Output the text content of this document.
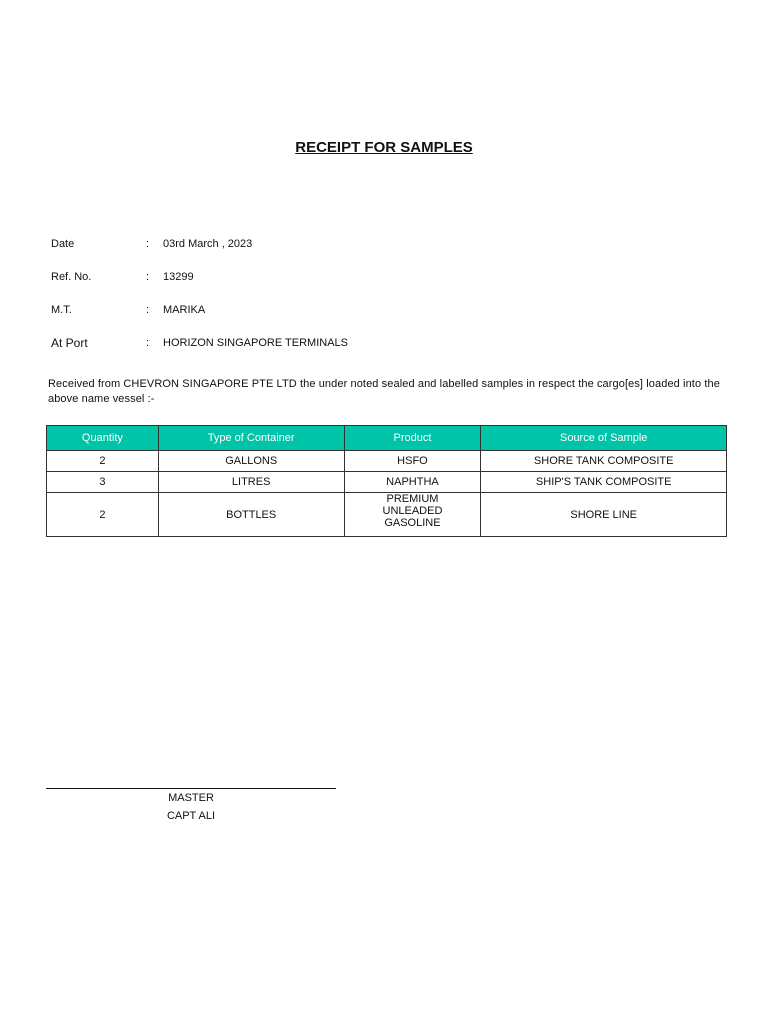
RECEIPT FOR SAMPLES
Date	: 03rd March , 2023
Ref. No.	: 13299
M.T.	: MARIKA
At Port	: HORIZON SINGAPORE TERMINALS
Received from CHEVRON SINGAPORE PTE LTD the under noted sealed and labelled samples in respect the cargo[es] loaded into the above name vessel :-
Quantity	Type of Container	Product	Source of Sample
2	GALLONS	HSFO	SHORE TANK COMPOSITE
3	LITRES	NAPHTHA	SHIP'S TANK COMPOSITE
2	BOTTLES	PREMIUM UNLEADED GASOLINE	SHORE LINE
MASTER
CAPT ALI
